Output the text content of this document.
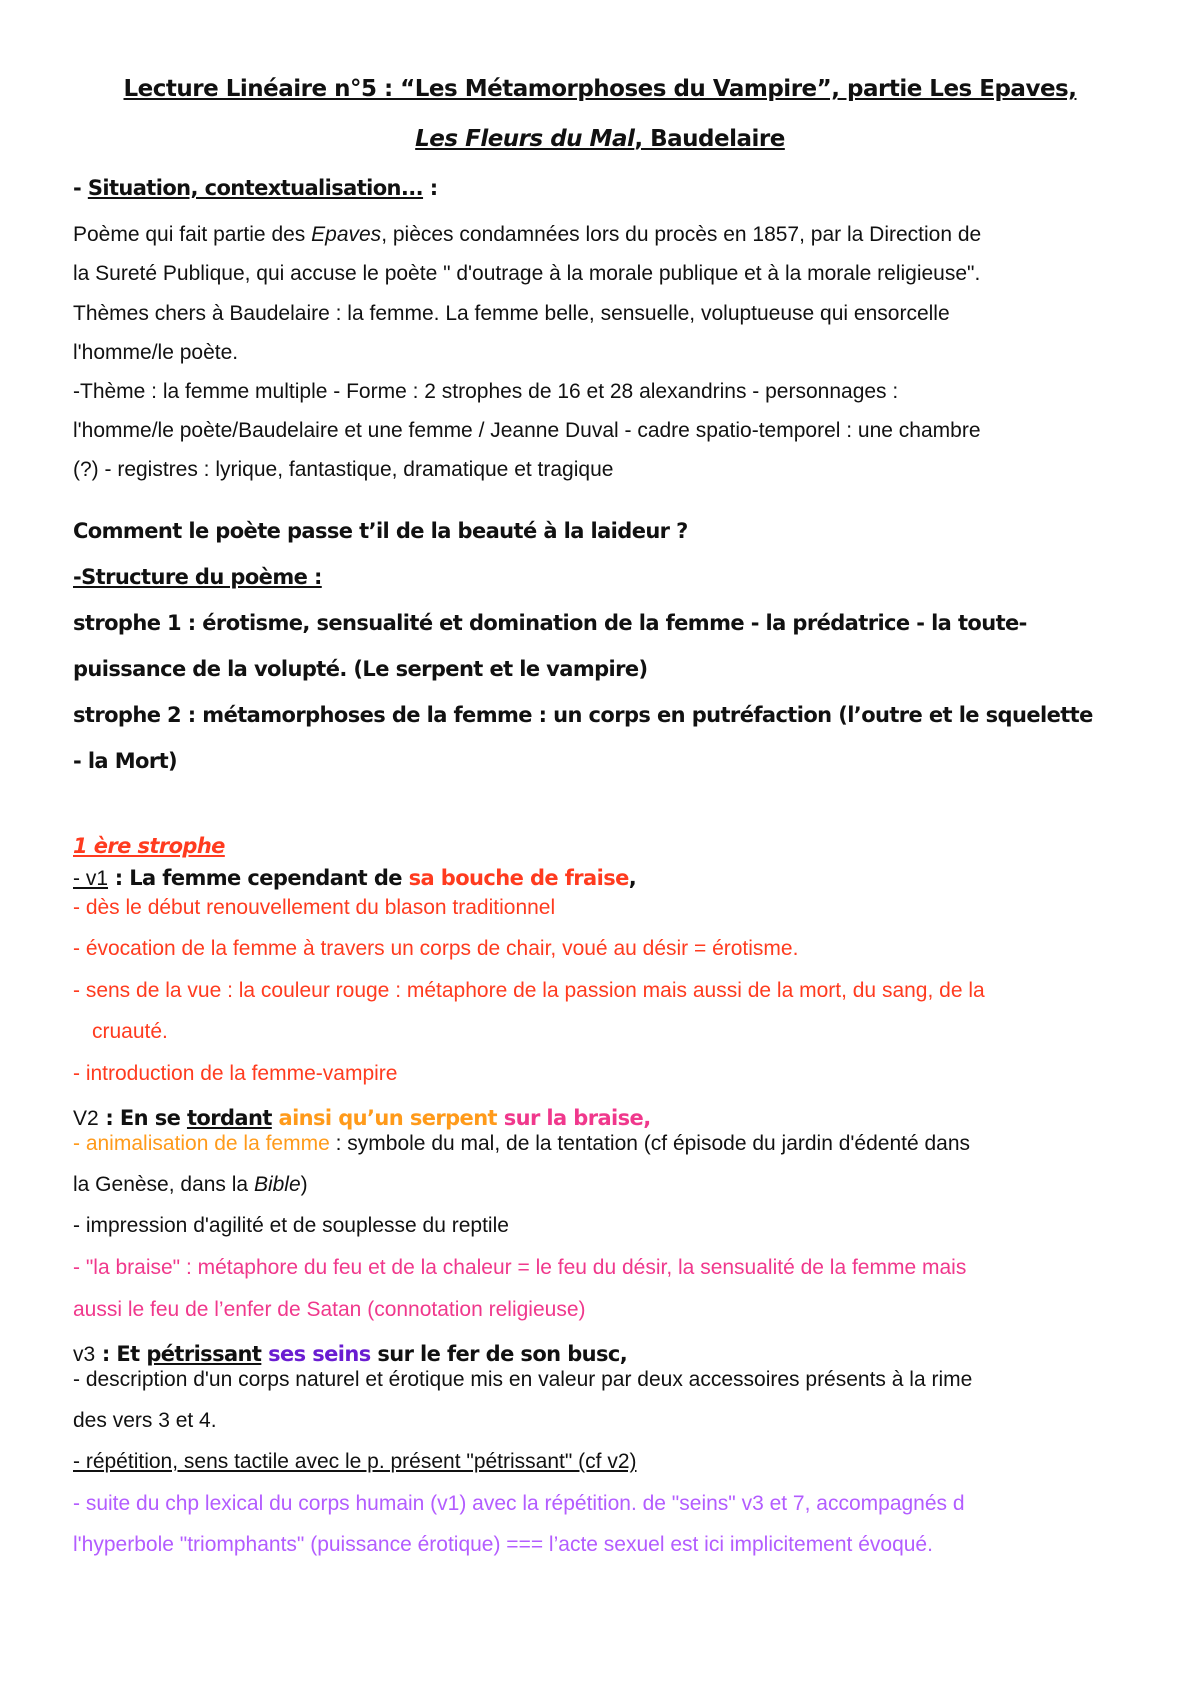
Lecture Linéaire n°5 : “Les Métamorphoses du Vampire”, partie Les Epaves,
Les Fleurs du Mal, Baudelaire
- Situation, contextualisation... :
Poème qui fait partie des Epaves, pièces condamnées lors du procès en 1857, par la Direction de
la Sureté Publique, qui accuse le poète " d'outrage à la morale publique et à la morale religieuse".
Thèmes chers à Baudelaire : la femme. La femme belle, sensuelle, voluptueuse qui ensorcelle
l'homme/le poète.
-Thème : la femme multiple - Forme : 2 strophes de 16 et 28 alexandrins - personnages :
l'homme/le poète/Baudelaire et une femme / Jeanne Duval - cadre spatio-temporel : une chambre
(?) - registres : lyrique, fantastique, dramatique et tragique
Comment le poète passe t’il de la beauté à la laideur ?
-Structure du poème :
strophe 1 : érotisme, sensualité et domination de la femme - la prédatrice - la toute-
puissance de la volupté. (Le serpent et le vampire)
strophe 2 : métamorphoses de la femme : un corps en putréfaction (l’outre et le squelette
- la Mort)
1 ère strophe
- v1 : La femme cependant de sa bouche de fraise,
- dès le début renouvellement du blason traditionnel
- évocation de la femme à travers un corps de chair, voué au désir = érotisme.
- sens de la vue : la couleur rouge : métaphore de la passion mais aussi de la mort, du sang, de la
cruauté.
- introduction de la femme-vampire
V2 : En se tordant ainsi qu’un serpent sur la braise,
- animalisation de la femme : symbole du mal, de la tentation (cf épisode du jardin d'édenté dans
la Genèse, dans la Bible)
- impression d'agilité et de souplesse du reptile
- "la braise" : métaphore du feu et de la chaleur = le feu du désir, la sensualité de la femme mais
aussi le feu de l’enfer de Satan (connotation religieuse)
v3 : Et pétrissant ses seins sur le fer de son busc,
- description d'un corps naturel et érotique mis en valeur par deux accessoires présents à la rime
des vers 3 et 4.
- répétition, sens tactile avec le p. présent "pétrissant" (cf v2)
- suite du chp lexical du corps humain (v1) avec la répétition. de "seins" v3 et 7, accompagnés d
l'hyperbole "triomphants" (puissance érotique) === l’acte sexuel est ici implicitement évoqué.
